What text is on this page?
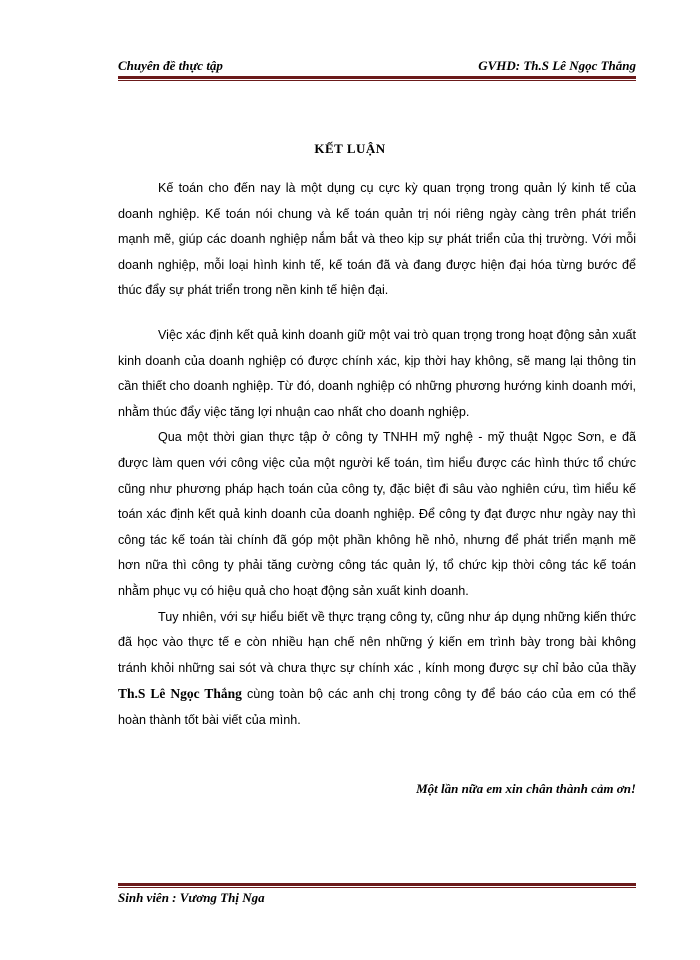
Chuyên đề thực tập	GVHD: Th.S Lê Ngọc Thắng
KẾT LUẬN

Kế toán cho đến nay là một dụng cụ cực kỳ quan trọng trong quản lý kinh tế của doanh nghiệp. Kế toán nói chung và kế toán quản trị nói riêng ngày càng trên phát triển mạnh mẽ, giúp các doanh nghiệp nắm bắt và theo kịp sự phát triển của thị trường. Với mỗi doanh nghiệp, mỗi loại hình kinh tế, kế toán đã và đang được hiện đại hóa từng bước để thúc đẩy sự phát triển trong nền kinh tế hiện đại.

Việc xác định kết quả kinh doanh giữ một vai trò quan trọng trong hoạt động sản xuất kinh doanh của doanh nghiệp có được chính xác, kịp thời hay không, sẽ mang lại thông tin cần thiết cho doanh nghiệp. Từ đó, doanh nghiệp có những phương hướng kinh doanh mới, nhằm thúc đẩy việc tăng lợi nhuận cao nhất cho doanh nghiệp.

Qua một thời gian thực tập ở công ty TNHH mỹ nghệ - mỹ thuật Ngọc Sơn, e đã được làm quen với công việc của một người kế toán, tìm hiểu được các hình thức tổ chức cũng như phương pháp hạch toán của công ty, đặc biệt đi sâu vào nghiên cứu, tìm hiểu kế toán xác định kết quả kinh doanh của doanh nghiệp. Để công ty đạt được như ngày nay thì công tác kế toán tài chính đã góp một phần không hề nhỏ, nhưng để phát triển mạnh mẽ hơn nữa thì công ty phải tăng cường công tác quản lý, tổ chức kịp thời công tác kế toán nhằm phục vụ có hiệu quả cho hoạt động sản xuất kinh doanh.

Tuy nhiên, với sự hiểu biết về thực trạng công ty, cũng như áp dụng những kiến thức đã học vào thực tế e còn nhiều hạn chế nên những ý kiến em trình bày trong bài không tránh khỏi những sai sót và chưa thực sự chính xác , kính mong được sự chỉ bảo của thầy Th.S Lê Ngọc Thắng cùng toàn bộ các anh chị trong công ty để báo cáo của em có thể hoàn thành tốt bài viết của mình.

Một lần nữa em xin chân thành cảm ơn!
Sinh viên : Vương Thị Nga
